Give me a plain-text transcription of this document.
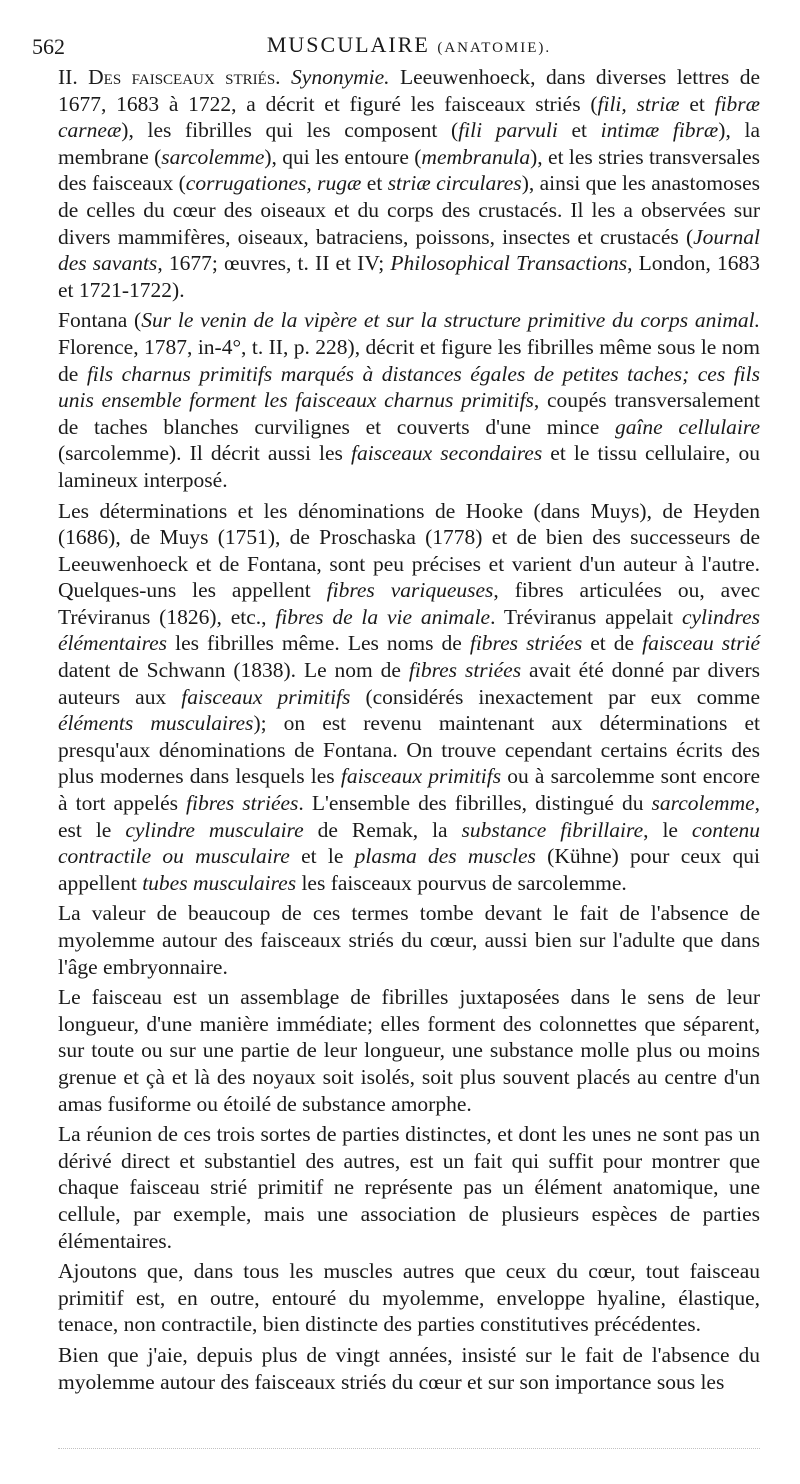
562	MUSCULAIRE (ANATOMIE).

II. Des faisceaux striés. Synonymie. Leeuwenhoeck, dans diverses lettres de 1677, 1683 à 1722, a décrit et figuré les faisceaux striés (fili, striæ et fibræ carneæ), les fibrilles qui les composent (fili parvuli et intimæ fibræ), la membrane (sarcolemme), qui les entoure (membranula), et les stries transversales des faisceaux (corrugationes, rugæ et striæ circulares), ainsi que les anastomoses de celles du cœur des oiseaux et du corps des crustacés. Il les a observées sur divers mammifères, oiseaux, batraciens, poissons, insectes et crustacés (Journal des savants, 1677; œuvres, t. II et IV; Philosophical Transactions, London, 1683 et 1721-1722).

Fontana (Sur le venin de la vipère et sur la structure primitive du corps animal. Florence, 1787, in-4°, t. II, p. 228), décrit et figure les fibrilles même sous le nom de fils charnus primitifs marqués à distances égales de petites taches; ces fils unis ensemble forment les faisceaux charnus primitifs, coupés transversalement de taches blanches curvilignes et couverts d'une mince gaîne cellulaire (sarcolemme). Il décrit aussi les faisceaux secondaires et le tissu cellulaire, ou lamineux interposé.

Les déterminations et les dénominations de Hooke (dans Muys), de Heyden (1686), de Muys (1751), de Proschaska (1778) et de bien des successeurs de Leeuwenhoeck et de Fontana, sont peu précises et varient d'un auteur à l'autre. Quelques-uns les appellent fibres variqueuses, fibres articulées ou, avec Tréviranus (1826), etc., fibres de la vie animale. Tréviranus appelait cylindres élémentaires les fibrilles même. Les noms de fibres striées et de faisceau strié datent de Schwann (1838). Le nom de fibres striées avait été donné par divers auteurs aux faisceaux primitifs (considérés inexactement par eux comme éléments musculaires); on est revenu maintenant aux déterminations et presqu'aux dénominations de Fontana. On trouve cependant certains écrits des plus modernes dans lesquels les faisceaux primitifs ou à sarcolemme sont encore à tort appelés fibres striées. L'ensemble des fibrilles, distingué du sarcolemme, est le cylindre musculaire de Remak, la substance fibrillaire, le contenu contractile ou musculaire et le plasma des muscles (Kühne) pour ceux qui appellent tubes musculaires les faisceaux pourvus de sarcolemme.

La valeur de beaucoup de ces termes tombe devant le fait de l'absence de myolemme autour des faisceaux striés du cœur, aussi bien sur l'adulte que dans l'âge embryonnaire.

Le faisceau est un assemblage de fibrilles juxtaposées dans le sens de leur longueur, d'une manière immédiate; elles forment des colonnettes que séparent, sur toute ou sur une partie de leur longueur, une substance molle plus ou moins grenue et çà et là des noyaux soit isolés, soit plus souvent placés au centre d'un amas fusiforme ou étoilé de substance amorphe.

La réunion de ces trois sortes de parties distinctes, et dont les unes ne sont pas un dérivé direct et substantiel des autres, est un fait qui suffit pour montrer que chaque faisceau strié primitif ne représente pas un élément anatomique, une cellule, par exemple, mais une association de plusieurs espèces de parties élémentaires.

Ajoutons que, dans tous les muscles autres que ceux du cœur, tout faisceau primitif est, en outre, entouré du myolemme, enveloppe hyaline, élastique, tenace, non contractile, bien distincte des parties constitutives précédentes.

Bien que j'aie, depuis plus de vingt années, insisté sur le fait de l'absence du myolemme autour des faisceaux striés du cœur et sur son importance sous les
